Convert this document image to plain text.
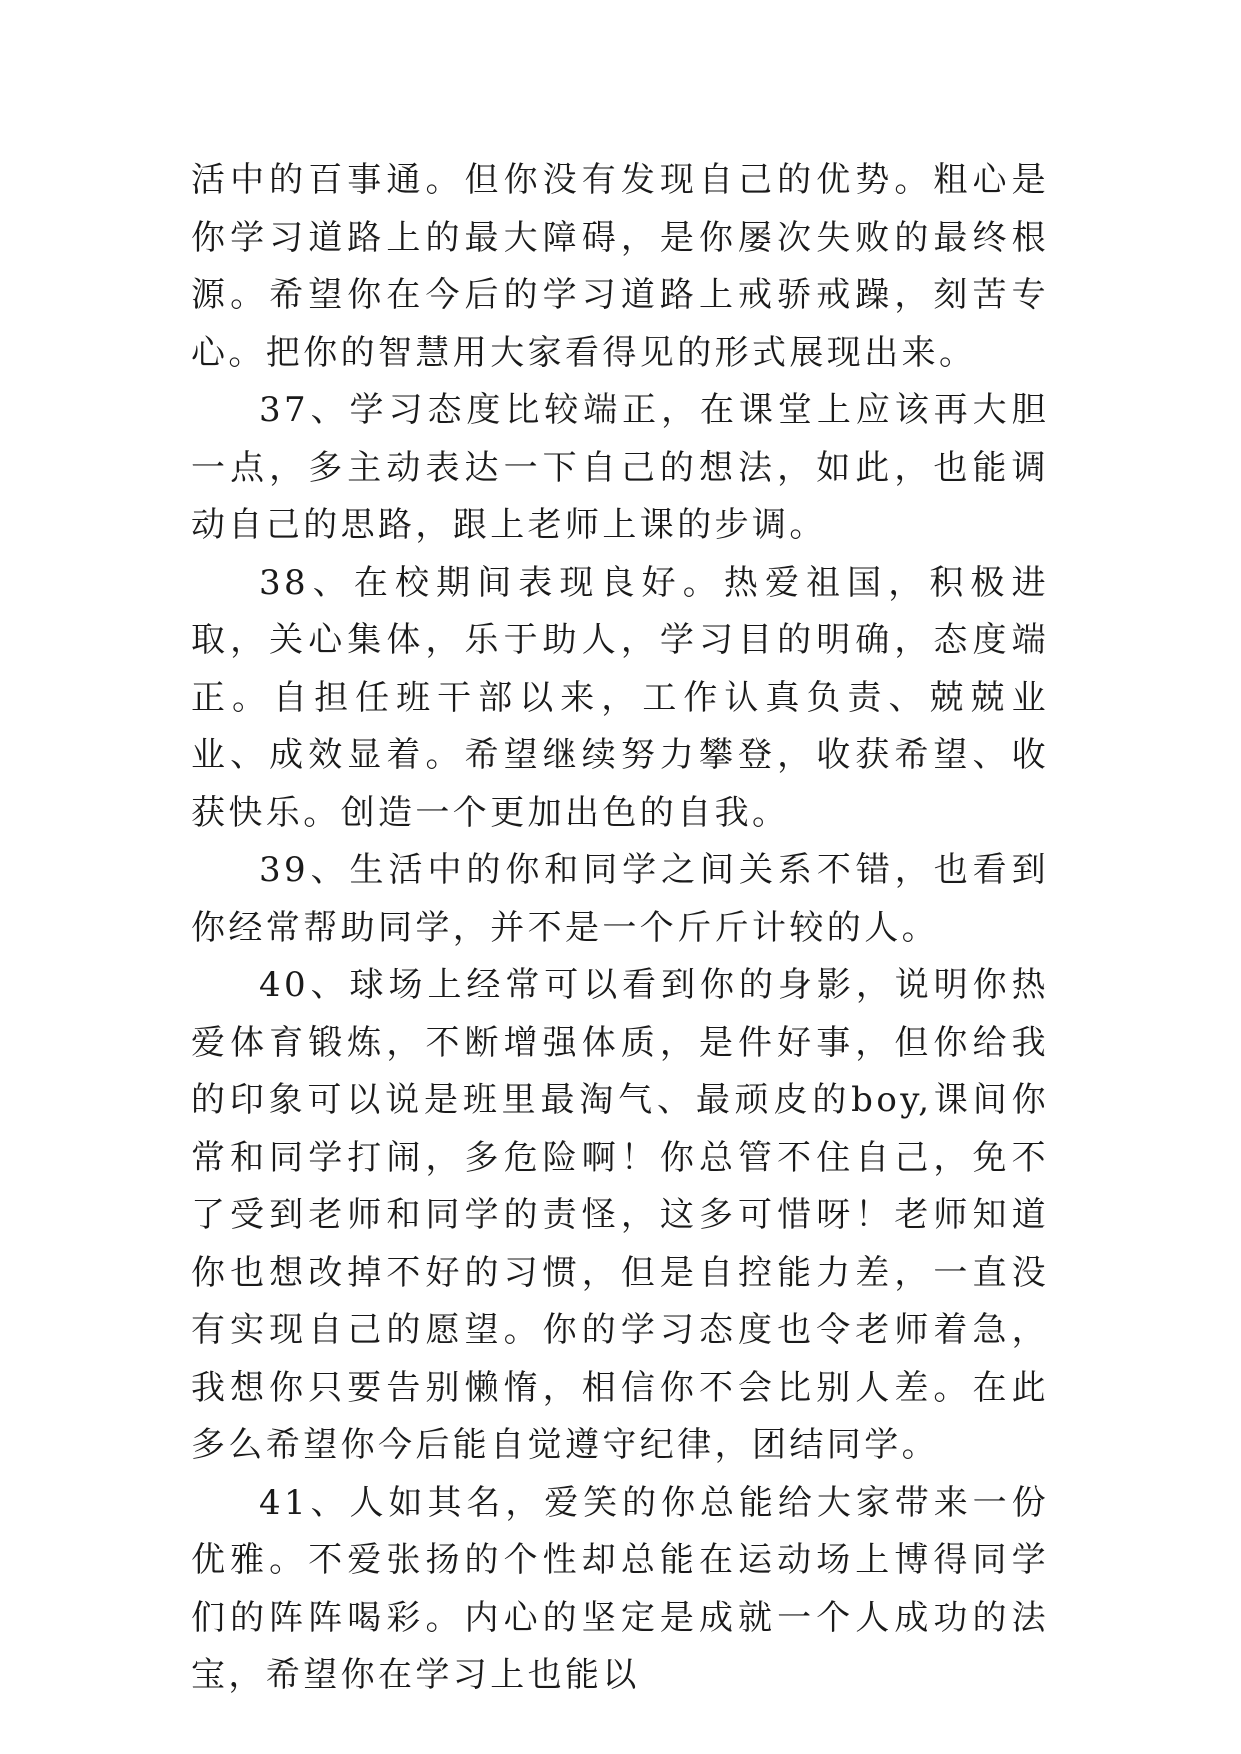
活中的百事通。但你没有发现自己的优势。粗心是你学习道路上的最大障碍，是你屡次失败的最终根源。希望你在今后的学习道路上戒骄戒躁，刻苦专心。把你的智慧用大家看得见的形式展现出来。

37、学习态度比较端正，在课堂上应该再大胆一点，多主动表达一下自己的想法，如此，也能调动自己的思路，跟上老师上课的步调。

38、在校期间表现良好。热爱祖国，积极进取，关心集体，乐于助人，学习目的明确，态度端正。自担任班干部以来，工作认真负责、兢兢业业、成效显着。希望继续努力攀登，收获希望、收获快乐。创造一个更加出色的自我。

39、生活中的你和同学之间关系不错，也看到你经常帮助同学，并不是一个斤斤计较的人。

40、球场上经常可以看到你的身影，说明你热爱体育锻炼，不断增强体质，是件好事，但你给我的印象可以说是班里最淘气、最顽皮的boy,课间你常和同学打闹，多危险啊！你总管不住自己，免不了受到老师和同学的责怪，这多可惜呀！老师知道你也想改掉不好的习惯，但是自控能力差，一直没有实现自己的愿望。你的学习态度也令老师着急，我想你只要告别懒惰，相信你不会比别人差。在此多么希望你今后能自觉遵守纪律，团结同学。

41、人如其名，爱笑的你总能给大家带来一份优雅。不爱张扬的个性却总能在运动场上博得同学们的阵阵喝彩。内心的坚定是成就一个人成功的法宝，希望你在学习上也能以
